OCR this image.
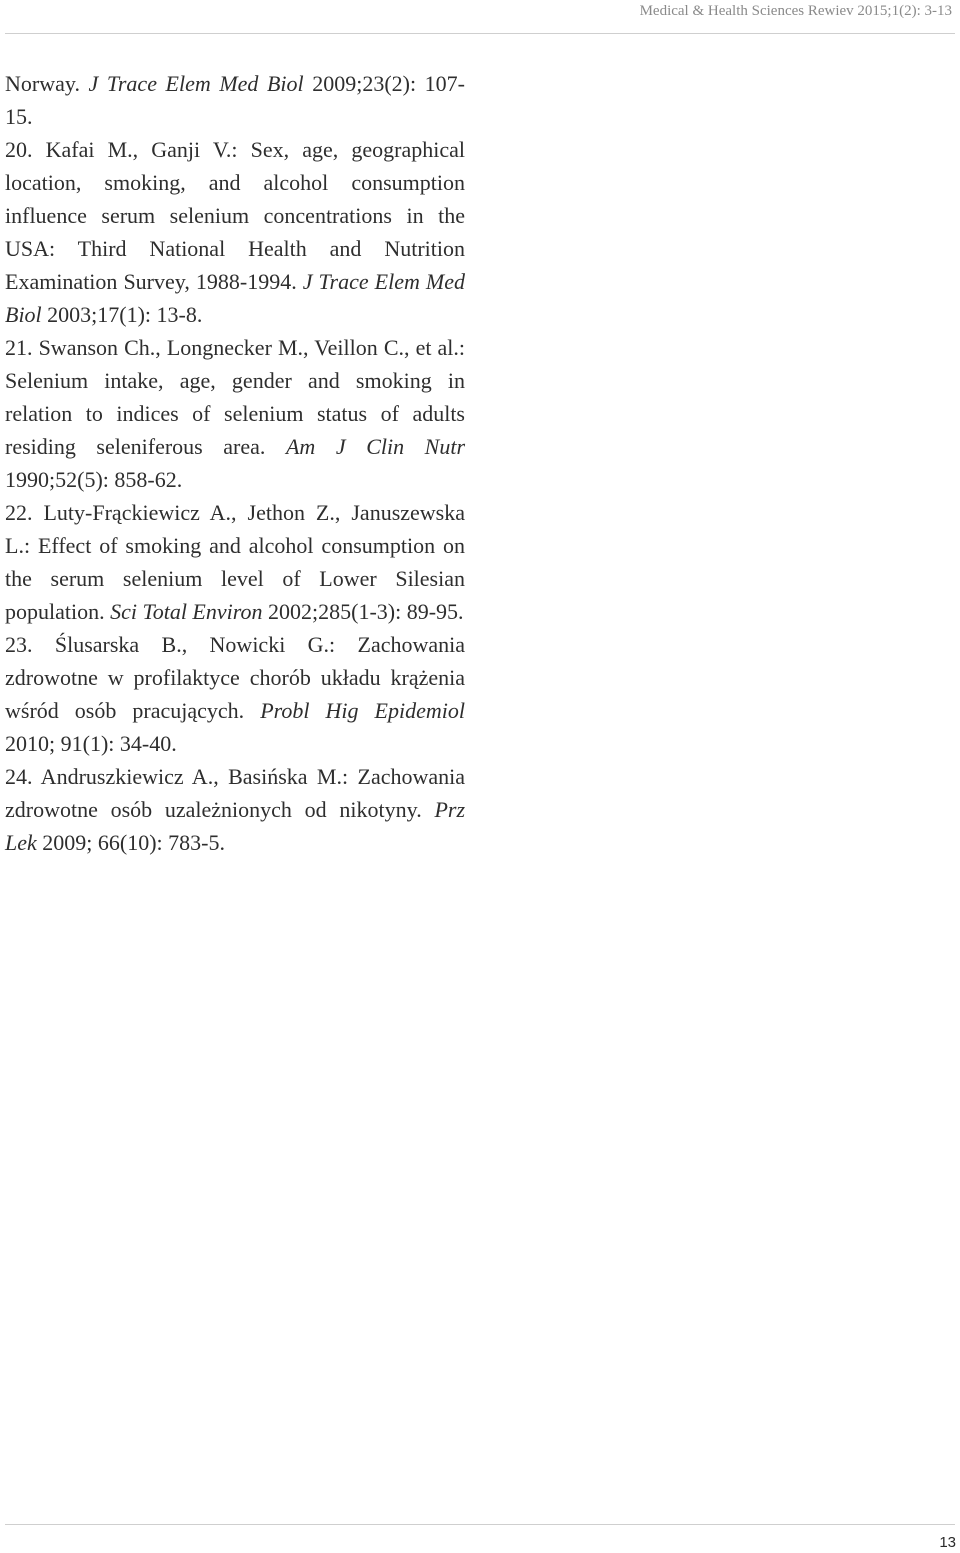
Medical & Health Sciences Rewiev 2015;1(2): 3-13

Norway. J Trace Elem Med Biol 2009;23(2): 107-15.

20. Kafai M., Ganji V.: Sex, age, geographical location, smoking, and alcohol consumption influence serum selenium concentrations in the USA: Third National Health and Nutrition Examination Survey, 1988-1994. J Trace Elem Med Biol 2003;17(1): 13-8.

21. Swanson Ch., Longnecker M., Veillon C., et al.: Selenium intake, age, gender and smoking in relation to indices of selenium status of adults residing seleniferous area. Am J Clin Nutr 1990;52(5): 858-62.

22. Luty-Frąckiewicz A., Jethon Z., Januszewska L.: Effect of smoking and alcohol consumption on the serum selenium level of Lower Silesian population. Sci Total Environ 2002;285(1-3): 89-95.

23. Ślusarska B., Nowicki G.: Zachowania zdrowotne w profilaktyce chorób układu krążenia wśród osób pracujących. Probl Hig Epidemiol 2010; 91(1): 34-40.

24. Andruszkiewicz A., Basińska M.: Zachowania zdrowotne osób uzależnionych od nikotyny. Prz Lek 2009; 66(10): 783-5.

13
